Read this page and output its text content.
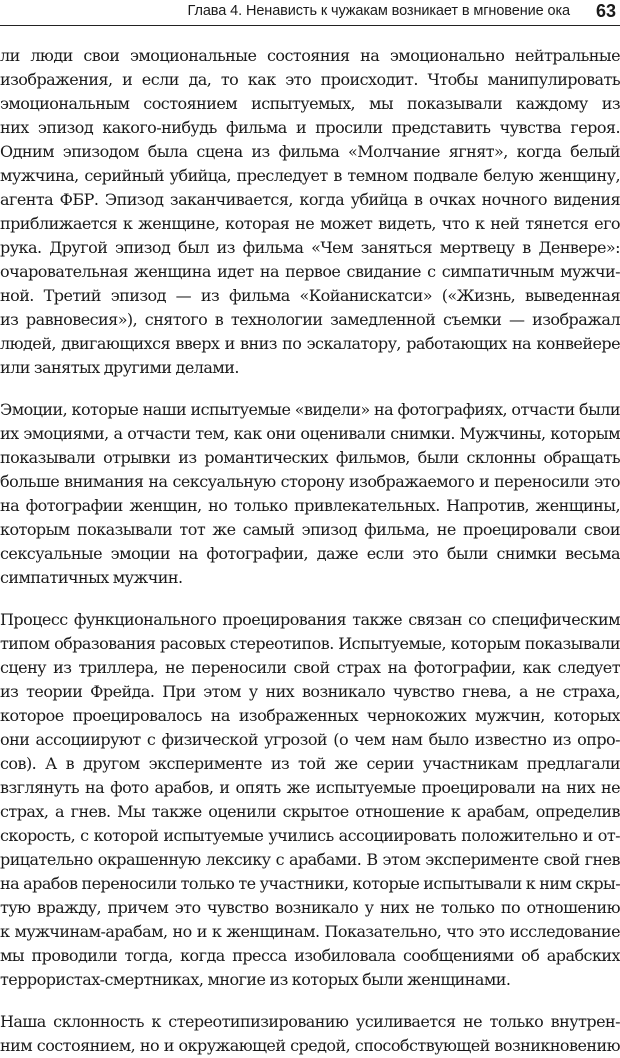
Глава 4. Ненависть к чужакам возникает в мгновение ока 63
ли люди свои эмоциональные состояния на эмоционально нейтральные
изображения, и если да, то как это происходит. Чтобы манипулировать
эмоциональным состоянием испытуемых, мы показывали каждому из
них эпизод какого-нибудь фильма и просили представить чувства героя.
Одним эпизодом была сцена из фильма «Молчание ягнят», когда белый
мужчина, серийный убийца, преследует в темном подвале белую женщину,
агента ФБР. Эпизод заканчивается, когда убийца в очках ночного видения
приближается к женщине, которая не может видеть, что к ней тянется его
рука. Другой эпизод был из фильма «Чем заняться мертвецу в Денвере»:
очаровательная женщина идет на первое свидание с симпатичным мужчи-
ной. Третий эпизод — из фильма «Койанискатси» («Жизнь, выведенная
из равновесия»), снятого в технологии замедленной съемки — изображал
людей, двигающихся вверх и вниз по эскалатору, работающих на конвейере
или занятых другими делами.
Эмоции, которые наши испытуемые «видели» на фотографиях, отчасти были
их эмоциями, а отчасти тем, как они оценивали снимки. Мужчины, которым
показывали отрывки из романтических фильмов, были склонны обращать
больше внимания на сексуальную сторону изображаемого и переносили это
на фотографии женщин, но только привлекательных. Напротив, женщины,
которым показывали тот же самый эпизод фильма, не проецировали свои
сексуальные эмоции на фотографии, даже если это были снимки весьма
симпатичных мужчин.
Процесс функционального проецирования также связан со специфическим
типом образования расовых стереотипов. Испытуемые, которым показывали
сцену из триллера, не переносили свой страх на фотографии, как следует
из теории Фрейда. При этом у них возникало чувство гнева, а не страха,
которое проецировалось на изображенных чернокожих мужчин, которых
они ассоциируют с физической угрозой (о чем нам было известно из опро-
сов). А в другом эксперименте из той же серии участникам предлагали
взглянуть на фото арабов, и опять же испытуемые проецировали на них не
страх, а гнев. Мы также оценили скрытое отношение к арабам, определив
скорость, с которой испытуемые учились ассоциировать положительно и от-
рицательно окрашенную лексику с арабами. В этом эксперименте свой гнев
на арабов переносили только те участники, которые испытывали к ним скры-
тую вражду, причем это чувство возникало у них не только по отношению
к мужчинам-арабам, но и к женщинам. Показательно, что это исследование
мы проводили тогда, когда пресса изобиловала сообщениями об арабских
террористах-смертниках, многие из которых были женщинами.
Наша склонность к стереотипизированию усиливается не только внутрен-
ним состоянием, но и окружающей средой, способствующей возникновению
